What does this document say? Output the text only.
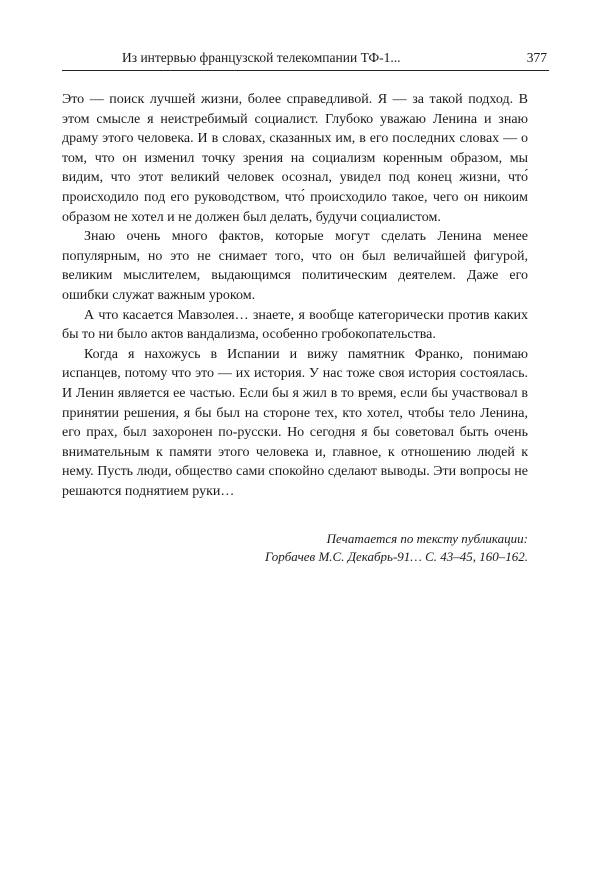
Из интервью французской телекомпании ТФ-1...	377

Это — поиск лучшей жизни, более справедливой. Я — за такой подход. В этом смысле я неистребимый социалист. Глубоко уважаю Ленина и знаю драму этого человека. И в словах, сказанных им, в его последних словах — о том, что он изменил точку зрения на социализм коренным образом, мы видим, что этот великий человек осознал, увидел под конец жизни, что́ происходило под его руководством, что́ происходило такое, чего он никоим образом не хотел и не должен был делать, будучи социалистом.

Знаю очень много фактов, которые могут сделать Ленина менее популярным, но это не снимает того, что он был величайшей фигурой, великим мыслителем, выдающимся политическим деятелем. Даже его ошибки служат важным уроком.

А что касается Мавзолея… знаете, я вообще категорически против каких бы то ни было актов вандализма, особенно гробокопательства.

Когда я нахожусь в Испании и вижу памятник Франко, понимаю испанцев, потому что это — их история. У нас тоже своя история состоялась. И Ленин является ее частью. Если бы я жил в то время, если бы участвовал в принятии решения, я бы был на стороне тех, кто хотел, чтобы тело Ленина, его прах, был захоронен по-русски. Но сегодня я бы советовал быть очень внимательным к памяти этого человека и, главное, к отношению людей к нему. Пусть люди, общество сами спокойно сделают выводы. Эти вопросы не решаются поднятием руки…

Печатается по тексту публикации:
Горбачев М.С. Декабрь-91… С. 43–45, 160–162.
